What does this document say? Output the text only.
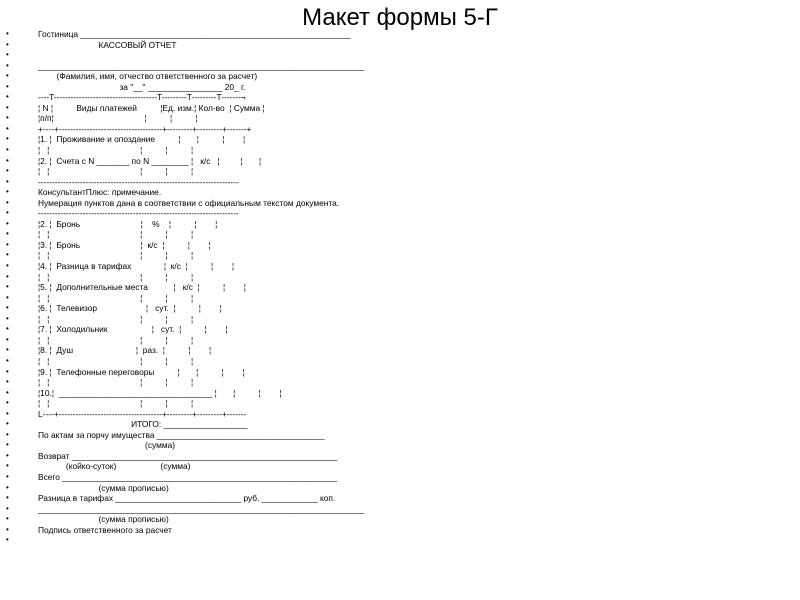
Макет формы 5-Г
• Гостиница __________________________________________________________
•                           КАССОВЫЙ ОТЧЕТ
•
• ______________________________________________________________________
•         (Фамилия, имя, отчество ответственного за расчет)
•                                    за "__" ________________ 20_ г.
• ----T-------------------------------------T---------T---------T-------¬
• ¦ N ¦          Виды платежей          ¦Ед. изм.¦ Кол-во  ¦ Сумма ¦
• ¦п/п¦                                       ¦          ¦          ¦
• +----+-------------------------------------+---------+---------+-------+
• ¦1. ¦  Проживание и опоздание          ¦       ¦          ¦        ¦
• ¦   ¦                                       ¦          ¦          ¦
• ¦2. ¦  Счета с N _______ по N ________ ¦   к/с   ¦         ¦       ¦
• ¦   ¦                                       ¦          ¦          ¦
• ------------------------------------------------------------------------
• КонсультантПлюс: примечание.
• Нумерация пунктов дана в соответствии с официальным текстом документа.
• ------------------------------------------------------------------------
• ¦2. ¦  Бронь                          ¦    %    ¦          ¦        ¦
• ¦   ¦                                       ¦          ¦          ¦
• ¦3. ¦  Бронь                          ¦  к/с  ¦          ¦        ¦
• ¦   ¦                                       ¦          ¦          ¦
• ¦4. ¦  Разница в тарифах              ¦  к/с  ¦          ¦        ¦
• ¦   ¦                                       ¦          ¦          ¦
• ¦5. ¦  Дополнительные места           ¦   к/с  ¦          ¦        ¦
• ¦   ¦                                       ¦          ¦          ¦
• ¦6. ¦  Телевизор                     ¦   сут.  ¦          ¦        ¦
• ¦   ¦                                       ¦          ¦          ¦
• ¦7. ¦  Холодильник                   ¦   сут.  ¦          ¦        ¦
• ¦   ¦                                       ¦          ¦          ¦
• ¦8. ¦  Душ                           ¦  раз.  ¦          ¦        ¦
• ¦   ¦                                       ¦          ¦          ¦
• ¦9. ¦  Телефонные переговоры          ¦       ¦          ¦        ¦
• ¦   ¦                                       ¦          ¦          ¦
• ¦10.¦  _________________________________ ¦       ¦          ¦        ¦
• ¦   ¦                                       ¦          ¦          ¦
• L----+-------------------------------------+---------+---------+-------
•                                         ИТОГО: __________________
• По актам за порчу имущества ____________________________________
•                                               (сумма)
• Возврат _________________________________________________________
•             (койко-суток)                   (сумма)
• Всего ___________________________________________________________
•                           (сумма прописью)
• Разница в тарифах ___________________________ руб. ____________ коп.
• ______________________________________________________________________
•                           (сумма прописью)
• Подпись ответственного за расчет
•
